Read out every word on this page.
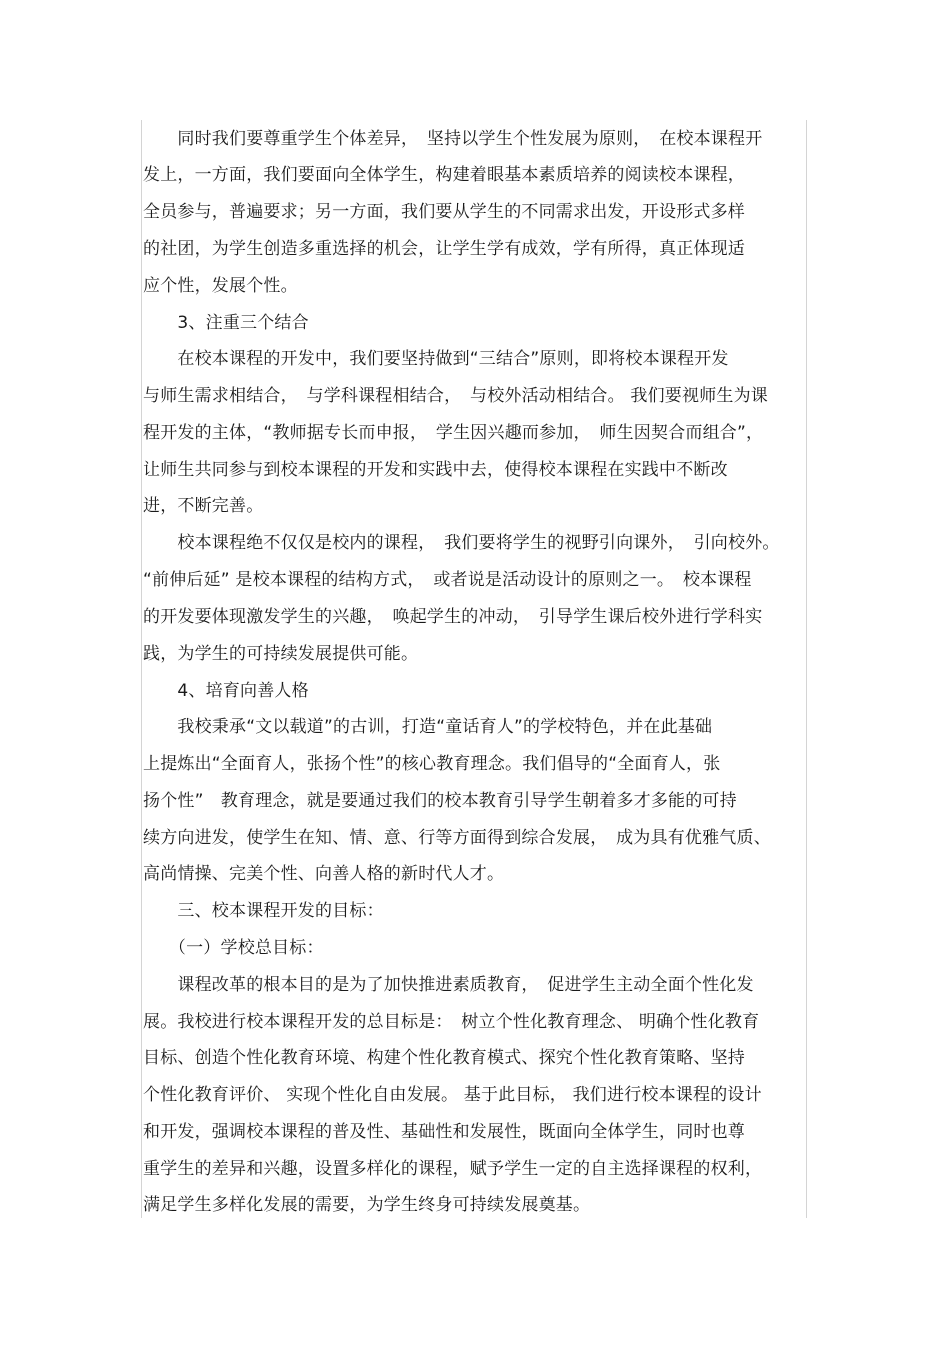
　　同时我们要尊重学生个体差异，　坚持以学生个性发展为原则，　在校本课程开
发上，一方面，我们要面向全体学生，构建着眼基本素质培养的阅读校本课程，
全员参与，普遍要求；另一方面，我们要从学生的不同需求出发，开设形式多样
的社团，为学生创造多重选择的机会，让学生学有成效，学有所得，真正体现适
应个性，发展个性。
　　3、注重三个结合
　　在校本课程的开发中，我们要坚持做到“三结合”原则，即将校本课程开发
与师生需求相结合，　与学科课程相结合，　与校外活动相结合。 我们要视师生为课
程开发的主体，“教师据专长而申报，　学生因兴趣而参加，　师生因契合而组合”，
让师生共同参与到校本课程的开发和实践中去，使得校本课程在实践中不断改
进，不断完善。
　　校本课程绝不仅仅是校内的课程，　我们要将学生的视野引向课外，　引向校外。
“前伸后延” 是校本课程的结构方式，　或者说是活动设计的原则之一。　校本课程
的开发要体现激发学生的兴趣，　唤起学生的冲动，　引导学生课后校外进行学科实
践，为学生的可持续发展提供可能。
　　4、培育向善人格
　　我校秉承“文以载道”的古训，打造“童话育人”的学校特色，并在此基础
上提炼出“全面育人，张扬个性”的核心教育理念。我们倡导的“全面育人，张
扬个性”　教育理念，就是要通过我们的校本教育引导学生朝着多才多能的可持
续方向进发，使学生在知、情、意、行等方面得到综合发展，　成为具有优雅气质、
高尚情操、完美个性、向善人格的新时代人才。
　　三、校本课程开发的目标：
　　（一）学校总目标：
　　课程改革的根本目的是为了加快推进素质教育，　促进学生主动全面个性化发
展。我校进行校本课程开发的总目标是：　树立个性化教育理念、 明确个性化教育
目标、创造个性化教育环境、构建个性化教育模式、探究个性化教育策略、坚持
个性化教育评价、 实现个性化自由发展。 基于此目标， 我们进行校本课程的设计
和开发，强调校本课程的普及性、基础性和发展性，既面向全体学生，同时也尊
重学生的差异和兴趣，设置多样化的课程，赋予学生一定的自主选择课程的权利，
满足学生多样化发展的需要，为学生终身可持续发展奠基。
